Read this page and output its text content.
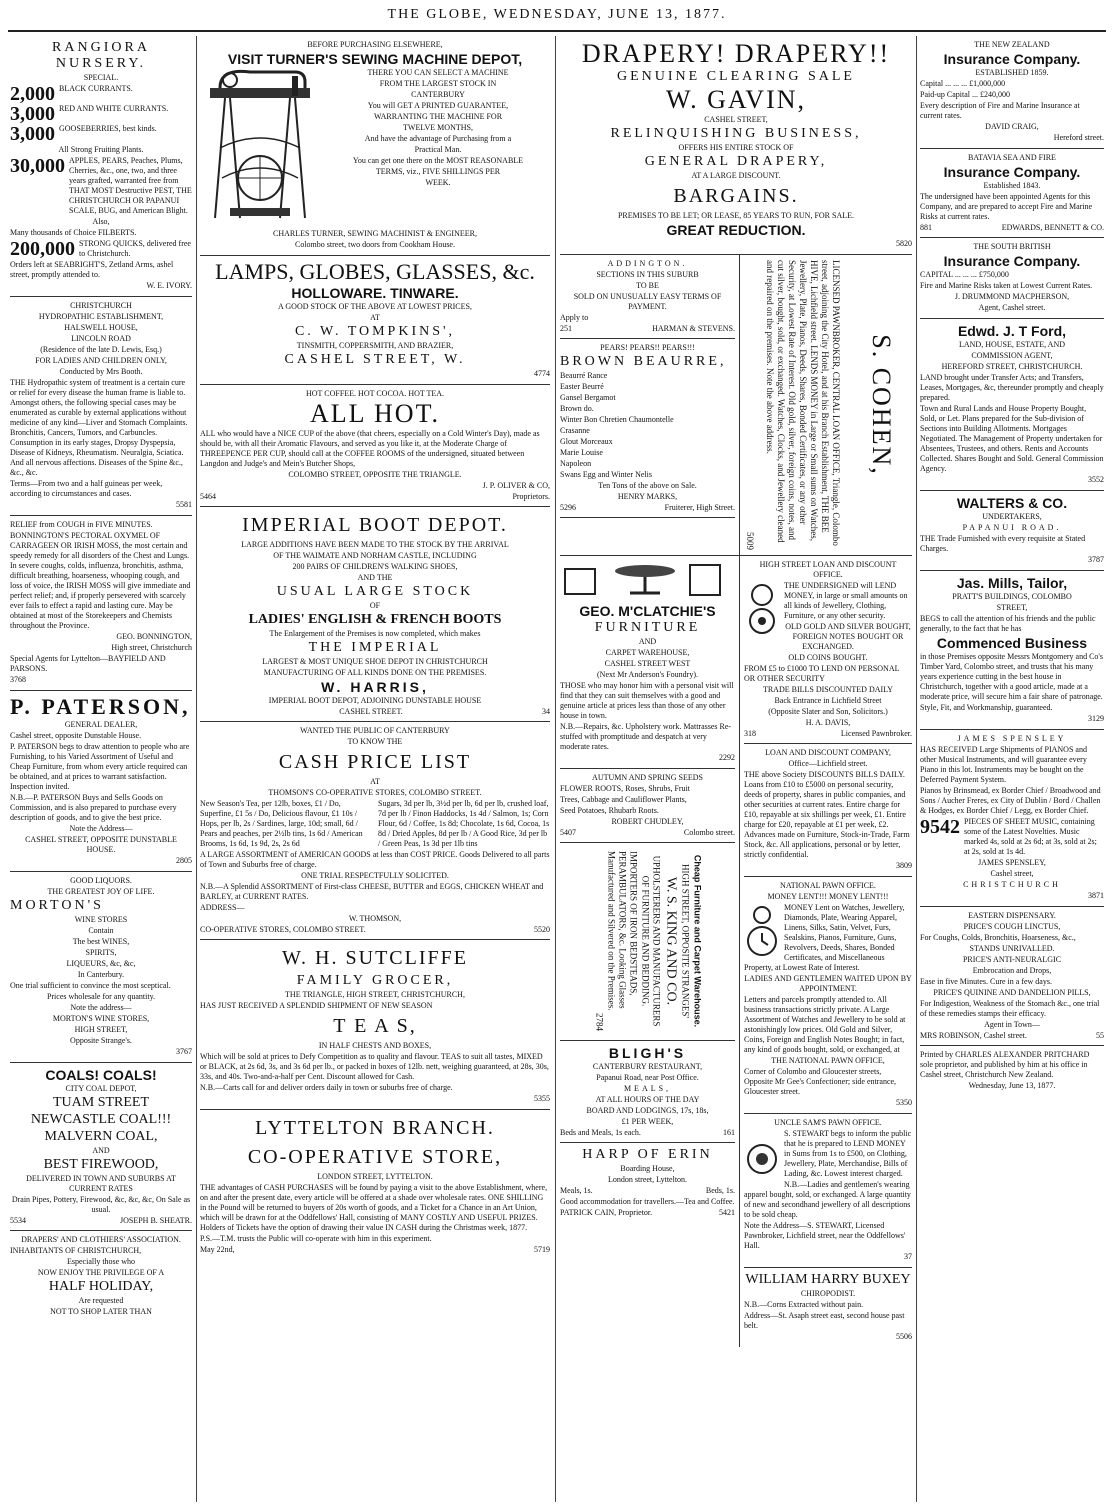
THE GLOBE, WEDNESDAY, JUNE 13, 1877.

RANGIORA NURSERY.

SPECIAL.

2,000 BLACK CURRANTS.
3,000 RED AND WHITE CURRANTS.
3,000 GOOSEBERRIES, best kinds.

All Strong Fruiting Plants.

30,000 APPLES, PEARS, Peaches, Plums, Cherries, &c., one, two, and three years grafted, warranted free from THAT MOST Destructive PEST, THE CHRISTCHURCH OR PAPANUI SCALE, BUG, and American Blight.

Also,

Many thousands of Choice FILBERTS.

200,000 STRONG QUICKS, delivered free to Christchurch.

Orders left at SEABRIGHT'S, Zetland Arms, ashel street, promptly attended to.

W. E. IVORY.

CHRISTCHURCH

HYDROPATHIC ESTABLISHMENT,

HALSWELL HOUSE,

LINCOLN ROAD

(Residence of the late D. Lewis, Esq.)

FOR LADIES AND CHILDREN ONLY,

Conducted by Mrs Booth.

THE Hydropathic system of treatment is a certain cure or relief for every disease the human frame is liable to. Amongst others, the following special cases may be enumerated as curable by external applications without medicine of any kind—Liver and Stomach Complaints. Bronchitis, Cancers, Tumors, and Carbuncles. Consumption in its early stages, Dropsy Dyspepsia, Disease of Kidneys, Rheumatism. Neuralgia, Sciatica. And all nervous affections. Diseases of the Spine &c., &c., &c.

Terms—From two and a half guineas per week, according to circumstances and cases.

5581

RELIEF from COUGH in FIVE MINUTES.

BONNINGTON'S PECTORAL OXYMEL OF CARRAGEEN OR IRISH MOSS, the most certain and speedy remedy for all disorders of the Chest and Lungs. In severe coughs, colds, influenza, bronchitis, asthma, difficult breathing, hoarseness, whooping cough, and loss of voice, the IRISH MOSS will give immediate and perfect relief; and, if properly persevered with scarcely ever fails to effect a rapid and lasting cure. May be obtained at most of the Storekeepers and Chemists throughout the Province.

GEO. BONNINGTON,

High street, Christchurch

Special Agents for Lyttelton—BAYFIELD AND PARSONS.

3768

P. PATERSON,

GENERAL DEALER,

Cashel street, opposite Dunstable House.

P. PATERSON begs to draw attention to people who are Furnishing, to his Varied Assortment of Useful and Cheap Furniture, from whom every article required can be obtained, and at prices to warrant satisfaction. Inspection invited.

N.B.—P. PATERSON Buys and Sells Goods on Commission, and is also prepared to purchase every description of goods, and to give the best price.

Note the Address—

CASHEL STREET, OPPOSITE DUNSTABLE HOUSE.

2805

GOOD LIQUORS.

THE GREATEST JOY OF LIFE.

MORTON'S

WINE STORES

Contain

The best WINES,

SPIRITS,

LIQUEURS, &c, &c,

In Canterbury.

One trial sufficient to convince the most sceptical.

Prices wholesale for any quantity.

Note the address—

MORTON'S WINE STORES,

HIGH STREET,

Opposite Strange's.

3767

COALS! COALS!

CITY COAL DEPOT,

TUAM STREET

NEWCASTLE COAL!!!

MALVERN COAL,

AND

BEST FIREWOOD,

DELIVERED IN TOWN AND SUBURBS AT CURRENT RATES

Drain Pipes, Pottery, Firewood, &c, &c, &c, On Sale as usual.

5534	JOSEPH B. SHEATR.

DRAPERS' AND CLOTHIERS' ASSOCIATION.

INHABITANTS OF CHRISTCHURCH,

Especially those who

NOW ENJOY THE PRIVILEGE OF A

HALF HOLIDAY,

Are requested

NOT TO SHOP LATER THAN

BEFORE PURCHASING ELSEWHERE,

VISIT TURNER'S SEWING MACHINE DEPOT,

THERE YOU CAN SELECT A MACHINE

FROM THE LARGEST STOCK IN

CANTERBURY

You will GET A PRINTED GUARANTEE,

WARRANTING THE MACHINE FOR

TWELVE MONTHS,

And have the advantage of Purchasing from a

Practical Man.

You can get one there on the MOST REASONABLE

TERMS, viz., FIVE SHILLINGS PER

WEEK.

CHARLES TURNER, SEWING MACHINIST & ENGINEER,

Colombo street, two doors from Cookham House.

LAMPS, GLOBES, GLASSES, &c.

HOLLOWARE. TINWARE.

A GOOD STOCK OF THE ABOVE AT LOWEST PRICES,

AT

C. W. TOMPKINS',

TINSMITH, COPPERSMITH, AND BRAZIER,

CASHEL STREET, W.

4774

HOT COFFEE. HOT COCOA. HOT TEA.

ALL HOT.

ALL who would have a NICE CUP of the above (that cheers, especially on a Cold Winter's Day), made as should be, with all their Aromatic Flavours, and served as you like it, at the Moderate Charge of THREEPENCE PER CUP, should call at the COFFEE ROOMS of the undersigned, situated between Langdon and Judge's and Mein's Butcher Shops,

COLOMBO STREET, OPPOSITE THE TRIANGLE.

J. P. OLIVER & CO,

5464	Proprietors.

IMPERIAL BOOT DEPOT.

LARGE ADDITIONS HAVE BEEN MADE TO THE STOCK BY THE ARRIVAL

OF THE WAIMATE AND NORHAM CASTLE, INCLUDING

200 PAIRS OF CHILDREN'S WALKING SHOES,

AND THE

USUAL LARGE STOCK

OF

LADIES' ENGLISH & FRENCH BOOTS

The Enlargement of the Premises is now completed, which makes

THE IMPERIAL

LARGEST & MOST UNIQUE SHOE DEPOT IN CHRISTCHURCH

MANUFACTURING OF ALL KINDS DONE ON THE PREMISES.

W. HARRIS,

IMPERIAL BOOT DEPOT, ADJOINING DUNSTABLE HOUSE

CASHEL STREET.	34

WANTED THE PUBLIC OF CANTERBURY

TO KNOW THE

CASH PRICE LIST

AT

THOMSON'S CO-OPERATIVE STORES, COLOMBO STREET.

New Season's Tea, per 12lb, boxes, £1 / Do, Superfine, £1 5s / Do, Delicious flavour, £1 10s / Hops, per lb, 2s / Sardines, large, 10d; small, 6d / Pears and peaches, per 2½lb tins, 1s 6d / American Brooms, 1s 6d, 1s 9d, 2s, 2s 6d
Sugars, 3d per lb, 3½d per lb, 6d per lb, crushed loaf, 7d per lb / Finon Haddocks, 1s 4d / Salmon, 1s; Corn Flour, 6d / Coffee, 1s 8d; Chocolate, 1s 6d, Cocoa, 1s 8d / Dried Apples, 8d per lb / A Good Rice, 3d per lb / Green Peas, 1s 3d per 1lb tins

A LARGE ASSORTMENT of AMERICAN GOODS at less than COST PRICE. Goods Delivered to all parts of Town and Suburbs free of charge.

ONE TRIAL RESPECTFULLY SOLICITED.

N.B.—A Splendid ASSORTMENT of First-class CHEESE, BUTTER and EGGS, CHICKEN WHEAT and BARLEY, at CURRENT RATES.

ADDRESS—

W. THOMSON,

CO-OPERATIVE STORES, COLOMBO STREET.	5520

W. H. SUTCLIFFE

FAMILY GROCER,

THE TRIANGLE, HIGH STREET, CHRISTCHURCH,

HAS JUST RECEIVED A SPLENDID SHIPMENT OF NEW SEASON

T E A S,

IN HALF CHESTS AND BOXES,

Which will be sold at prices to Defy Competition as to quality and flavour. TEAS to suit all tastes, MIXED or BLACK, at 2s 6d, 3s, and 3s 6d per lb., or packed in boxes of 12lb. nett, weighing guaranteed, at 28s, 30s, 33s, and 40s. Two-and-a-half per Cent. Discount allowed for Cash.

N.B.—Carts call for and deliver orders daily in town or suburbs free of charge.

5355

LYTTELTON BRANCH.

CO-OPERATIVE STORE,

LONDON STREET, LYTTELTON.

THE advantages of CASH PURCHASES will be found by paying a visit to the above Establishment, where, on and after the present date, every article will be offered at a shade over wholesale rates. ONE SHILLING in the Pound will be returned to buyers of 20s worth of goods, and a Ticket for a Chance in an Art Union, which will be drawn for at the Oddfellows' Hall, consisting of MANY COSTLY AND USEFUL PRIZES. Holders of Tickets have the option of drawing their value IN CASH during the Christmas week, 1877.

P.S.—T.M. trusts the Public will co-operate with him in this experiment.

May 22nd,	5719

DRAPERY! DRAPERY!!

GENUINE CLEARING SALE

W. GAVIN,

CASHEL STREET,

RELINQUISHING BUSINESS,

OFFERS HIS ENTIRE STOCK OF

GENERAL DRAPERY,

AT A LARGE DISCOUNT.

BARGAINS.

PREMISES TO BE LET; OR LEASE, 85 YEARS TO RUN, FOR SALE.

GREAT REDUCTION.

5820

ADDINGTON.

SECTIONS IN THIS SUBURB

TO BE

SOLD ON UNUSUALLY EASY TERMS OF PAYMENT.

Apply to

251	HARMAN & STEVENS.

PEARS! PEARS!! PEARS!!!

BROWN BEAURRE,

Beaurré Rance

Easter Beurré

Gansel Bergamot

Brown do.

Winter Bon Chretien Chaumontelle

Crasanne

Glout Morceaux

Marie Louise

Napoleon

Swans Egg and Winter Nelis

Ten Tons of the above on Sale.

HENRY MARKS,

5296	Fruiterer, High Street.

S. COHEN,

LICENSED PAWNBROKER, CENTRAL LOAN OFFICE, Triangle, Colombo street, adjoining the City Hotel, and at his Branch Establishment, THE BEE HIVE, Lichfield street. LENDS MONEY in Large or Small sums on Watches, Jewellery, Plate, Pianos, Deeds, Shares, Bonded Certificates, or any other Security, at Lowest Rate of Interest. Old gold, silver, foreign coins, notes, and cut silver, bought, sold, or exchanged. Watches, Clocks, and Jewellery cleaned and repaired on the premises. Note the above address.

5009

GEO. M'CLATCHIE'S

FURNITURE

AND

CARPET WAREHOUSE,

CASHEL STREET WEST

(Next Mr Anderson's Foundry).

THOSE who may honor him with a personal visit will find that they can suit themselves with a good and genuine article at prices less than those of any other house in town.

N.B.—Repairs, &c. Upholstery work. Mattrasses Re-stuffed with promptitude and despatch at very moderate rates.

2292

AUTUMN AND SPRING SEEDS

FLOWER ROOTS, Roses, Shrubs, Fruit

Trees, Cabbage and Cauliflower Plants,

Seed Potatoes, Rhubarb Roots.

ROBERT CHUDLEY,

5407	Colombo street.

Cheap Furniture and Carpet Warehouse.

HIGH STREET, OPPOSITE STRANGES'

W. S. KING AND CO.

UPHOLSTERERS AND MANUFACTURERS OF FURNITURE AND BEDDING.

IMPORTERS OF IRON BEDSTEADS, PERAMBULATORS, &c. Looking Glasses Manufactured and Silvered on the Premises.

2784

BLIGH'S

CANTERBURY RESTAURANT,

Papanui Road, near Post Office.

MEALS,

AT ALL HOURS OF THE DAY

BOARD AND LODGINGS, 17s, 18s,

£1 PER WEEK,

Beds and Meals, 1s each.	161

HARP OF ERIN

Boarding House,

London street, Lyttelton.

Meals, 1s.	Beds, 1s.

Good accommodation for travellers.—Tea and Coffee.

PATRICK CAIN, Proprietor.	5421

HIGH STREET LOAN AND DISCOUNT OFFICE.

THE UNDERSIGNED will LEND MONEY, in large or small amounts on all kinds of Jewellery, Clothing, Furniture, or any other security.

OLD GOLD AND SILVER BOUGHT, FOREIGN NOTES BOUGHT OR EXCHANGED.

OLD COINS BOUGHT.

FROM £5 to £1000 TO LEND ON PERSONAL OR OTHER SECURITY

TRADE BILLS DISCOUNTED DAILY

Back Entrance in Lichfield Street

(Opposite Slater and Son, Solicitors.)

H. A. DAVIS,

318	Licensed Pawnbroker.

LOAN AND DISCOUNT COMPANY,

Office—Lichfield street.

THE above Society DISCOUNTS BILLS DAILY. Loans from £10 to £5000 on personal security, deeds of property, shares in public companies, and other securities at current rates. Entire charge for £10, repayable at six shillings per week, £1. Entire charge for £20, repayable at £1 per week, £2. Advances made on Furniture, Stock-in-Trade, Farm Stock, &c. All applications, personal or by letter, strictly confidential.

3809

NATIONAL PAWN OFFICE.

MONEY LENT!!! MONEY LENT!!!

MONEY Lent on Watches, Jewellery, Diamonds, Plate, Wearing Apparel, Linens, Silks, Satin, Velvet, Furs, Sealskins, Pianos, Furniture, Guns, Revolvers, Deeds, Shares, Bonded Certificates, and Miscellaneous Property, at Lowest Rate of Interest.

LADIES AND GENTLEMEN WAITED UPON BY APPOINTMENT.

Letters and parcels promptly attended to. All business transactions strictly private. A Large Assortment of Watches and Jewellery to be sold at astonishingly low prices. Old Gold and Silver, Coins, Foreign and English Notes Bought; in fact, any kind of goods bought, sold, or exchanged, at

THE NATIONAL PAWN OFFICE,

Corner of Colombo and Gloucester streets, Opposite Mr Gee's Confectioner; side entrance, Gloucester street.

5350

UNCLE SAM'S PAWN OFFICE.

S. STEWART begs to inform the public that he is prepared to LEND MONEY in Sums from 1s to £500, on Clothing, Jewellery, Plate, Merchandise, Bills of Lading, &c. Lowest interest charged.

N.B.—Ladies and gentlemen's wearing apparel bought, sold, or exchanged. A large quantity of new and secondhand jewellery of all descriptions to be sold cheap.

Note the Address—S. STEWART, Licensed Pawnbroker, Lichfield street, near the Oddfellows' Hall.

37

WILLIAM HARRY BUXEY

CHIROPODIST.

N.B.—Corns Extracted without pain.

Address—St. Asaph street east, second house past belt.

5506

THE NEW ZEALAND

Insurance Company.

ESTABLISHED 1859.

Capital ... ... ... £1,000,000

Paid-up Capital ... £240,000

Every description of Fire and Marine Insurance at current rates.

DAVID CRAIG,

Hereford street.

BATAVIA SEA AND FIRE

Insurance Company.

Established 1843.

The undersigned have been appointed Agents for this Company, and are prepared to accept Fire and Marine Risks at current rates.

881	EDWARDS, BENNETT & CO.

THE SOUTH BRITISH

Insurance Company.

CAPITAL ... ... ... £750,000

Fire and Marine Risks taken at Lowest Current Rates.

J. DRUMMOND MACPHERSON,

Agent, Cashel street.

Edwd. J. T Ford,

LAND, HOUSE, ESTATE, AND

COMMISSION AGENT,

HEREFORD STREET, CHRISTCHURCH.

LAND brought under Transfer Acts; and Transfers, Leases, Mortgages, &c, thereunder promptly and cheaply prepared.

Town and Rural Lands and House Property Bought, Sold, or Let. Plans prepared for the Sub-division of Sections into Building Allotments. Mortgages Negotiated. The Management of Property undertaken for Absentees, Trustees, and others. Rents and Accounts Collected. Shares Bought and Sold. General Commission Agency.

3552

WALTERS & CO.

UNDERTAKERS,

PAPANUI ROAD.

THE Trade Furnished with every requisite at Stated Charges.

3787

Jas. Mills, Tailor,

PRATT'S BUILDINGS, COLOMBO

STREET,

BEGS to call the attention of his friends and the public generally, to the fact that he has

Commenced Business

in those Premises opposite Messrs Montgomery and Co's Timber Yard, Colombo street, and trusts that his many years experience cutting in the best house in Christchurch, together with a good article, made at a moderate price, will secure him a fair share of patronage.

Style, Fit, and Workmanship, guaranteed.

3129

JAMES SPENSLEY

HAS RECEIVED Large Shipments of PIANOS and other Musical Instruments, and will guarantee every Piano in this lot. Instruments may be bought on the Deferred Payment System.

Pianos by Brinsmead, ex Border Chief / Broadwood and Sons / Aucher Freres, ex City of Dublin / Bord / Challen & Hodges, ex Border Chief / Legg, ex Border Chief.

9542 PIECES OF SHEET MUSIC, containing some of the Latest Novelties. Music marked 4s, sold at 2s 6d; at 3s, sold at 2s; at 2s, sold at 1s 4d.

JAMES SPENSLEY,

Cashel street,

CHRISTCHURCH

3871

EASTERN DISPENSARY.

PRICE'S COUGH LINCTUS,

For Coughs, Colds, Bronchitis, Hoarseness, &c.,

STANDS UNRIVALLED.

PRICE'S ANTI-NEURALGIC

Embrocation and Drops,

Ease in five Minutes. Cure in a few days.

PRICE'S QUININE AND DANDELION PILLS,

For Indigestion, Weakness of the Stomach &c., one trial of these remedies stamps their efficacy.

Agent in Town—

MRS ROBINSON, Cashel street.	55

Printed by CHARLES ALEXANDER PRITCHARD sole proprietor, and published by him at his office in Cashel street, Christchurch New Zealand.

Wednesday, June 13, 1877.
